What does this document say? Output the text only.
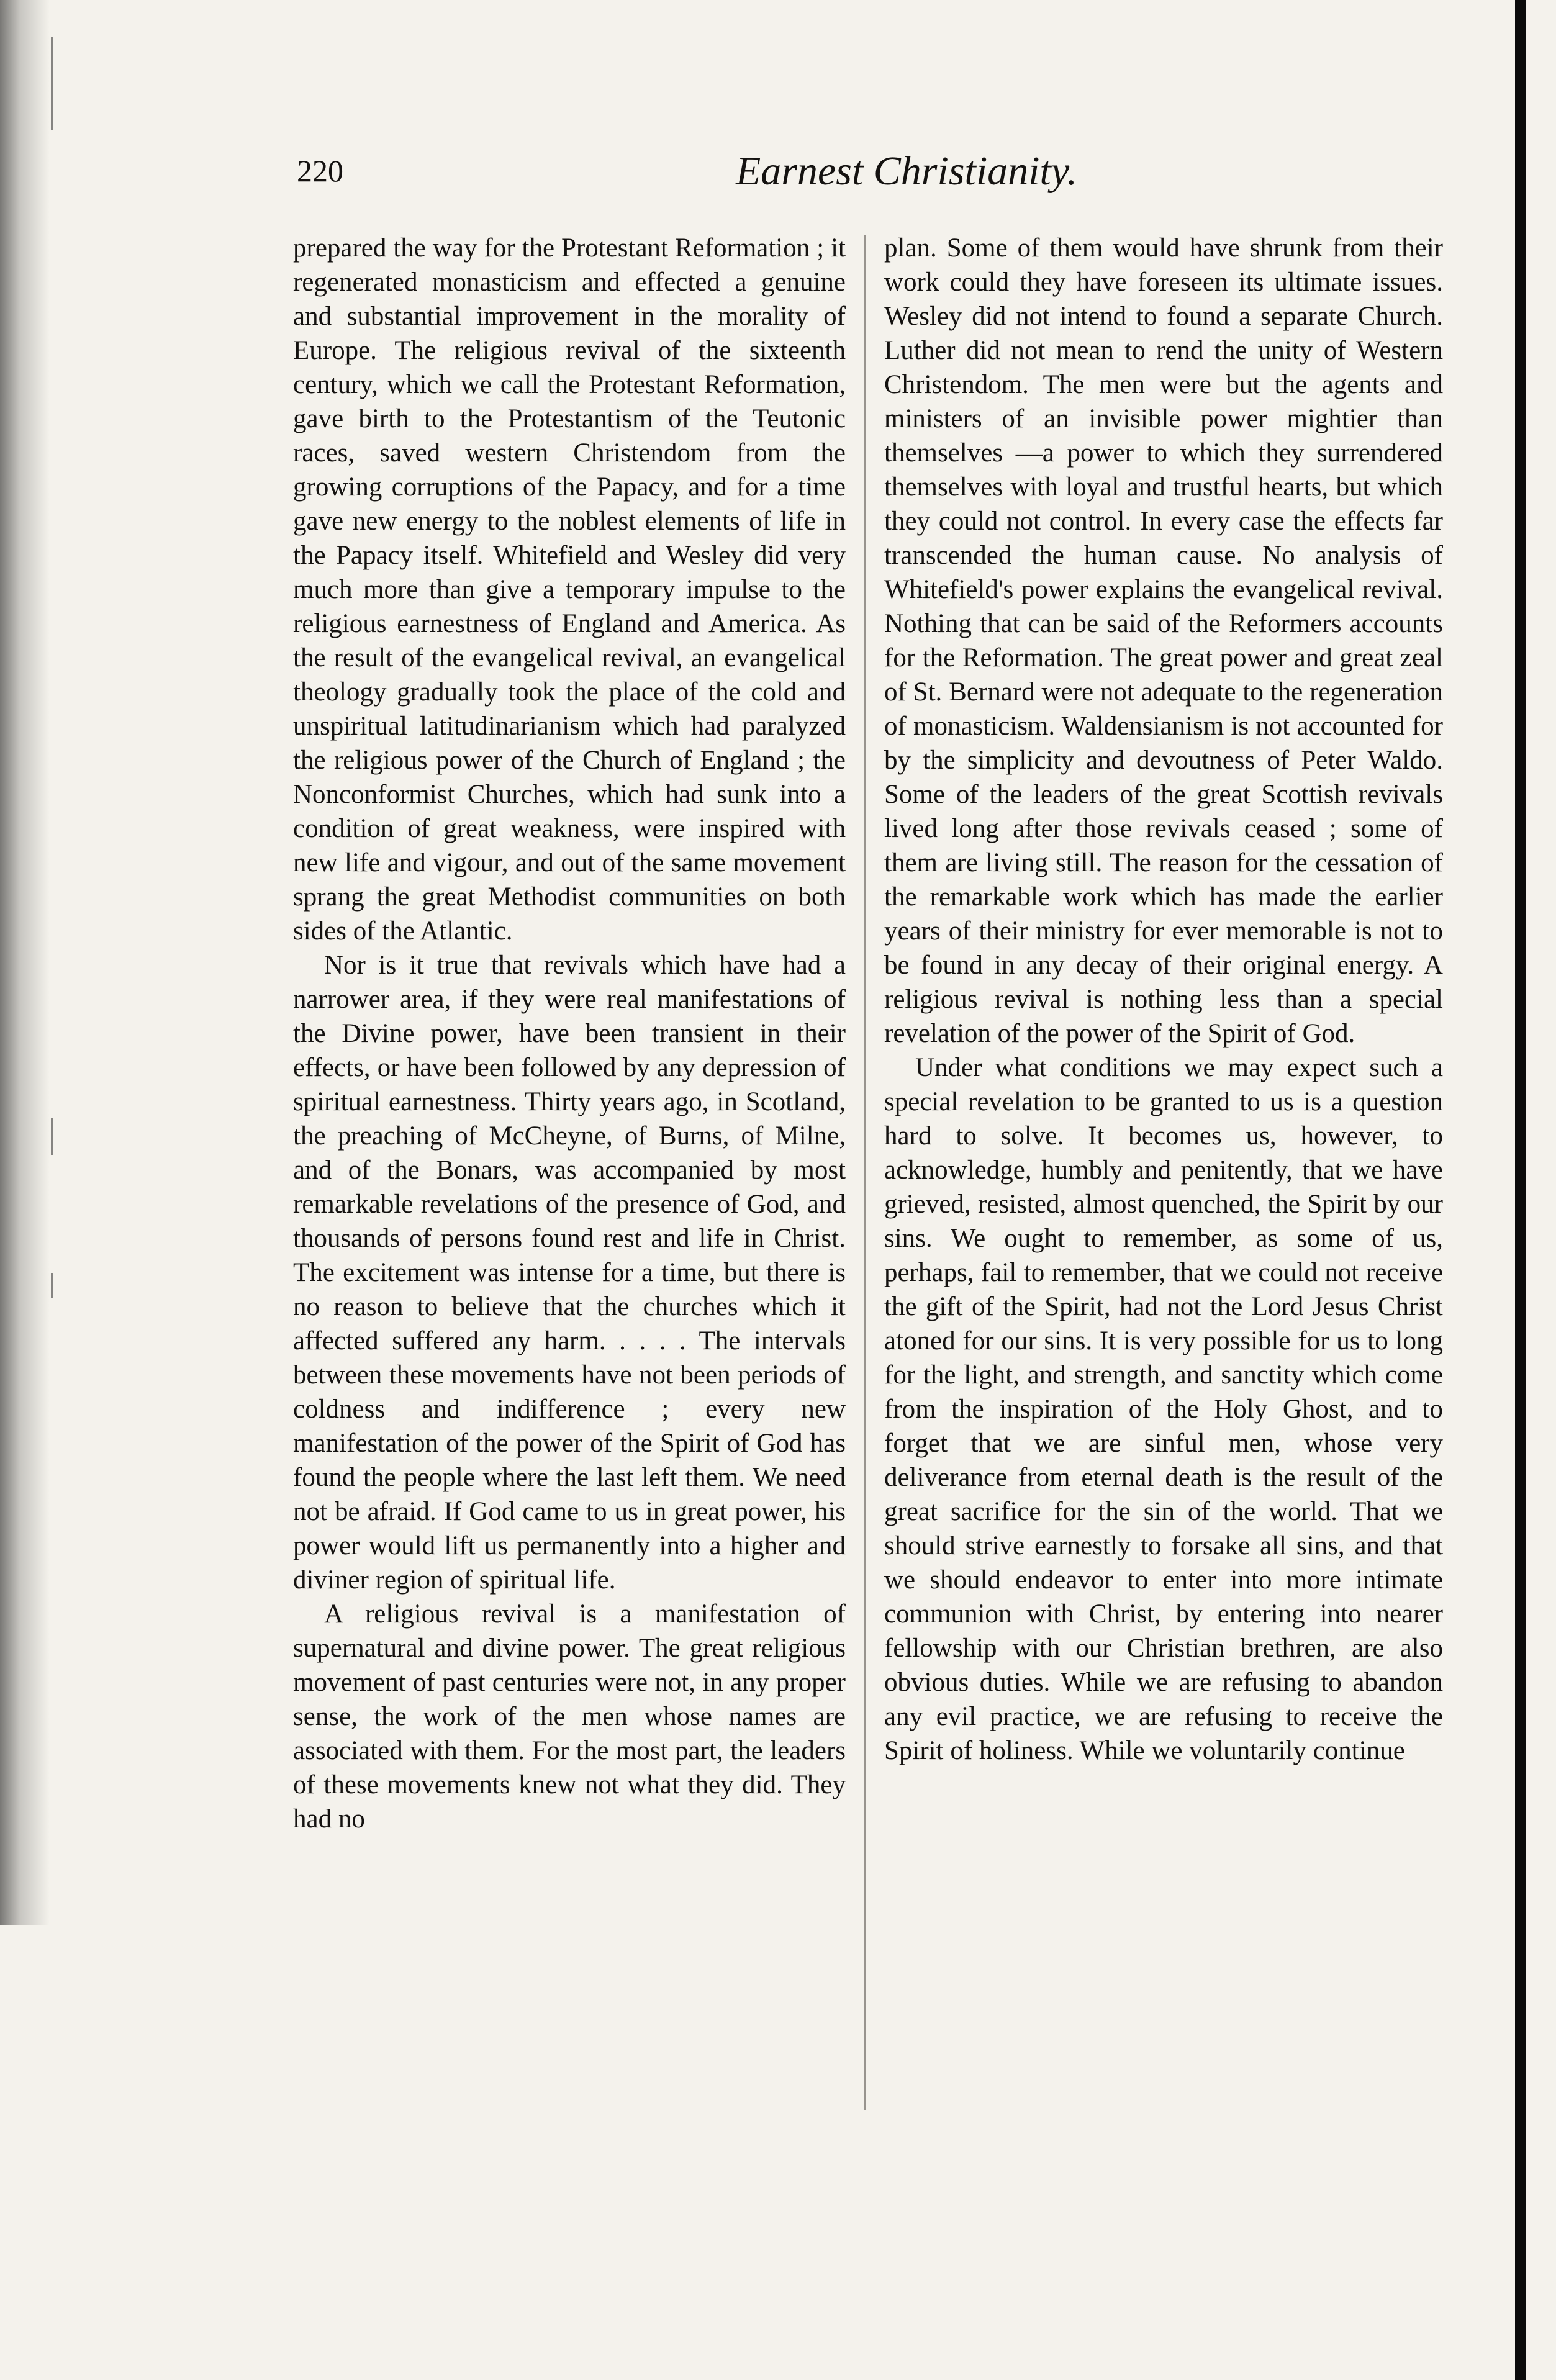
220	Earnest Christianity.

prepared the way for the Protestant Reformation ; it regenerated monasticism and effected a genuine and substantial improvement in the morality of Europe. The religious revival of the sixteenth century, which we call the Protestant Reformation, gave birth to the Protestantism of the Teutonic races, saved western Christendom from the growing corruptions of the Papacy, and for a time gave new energy to the noblest elements of life in the Papacy itself. Whitefield and Wesley did very much more than give a temporary impulse to the religious earnestness of England and America. As the result of the evangelical revival, an evangelical theology gradually took the place of the cold and unspiritual latitudinarianism which had paralyzed the religious power of the Church of England ; the Nonconformist Churches, which had sunk into a condition of great weakness, were inspired with new life and vigour, and out of the same movement sprang the great Methodist communities on both sides of the Atlantic.

Nor is it true that revivals which have had a narrower area, if they were real manifestations of the Divine power, have been transient in their effects, or have been followed by any depression of spiritual earnestness. Thirty years ago, in Scotland, the preaching of McCheyne, of Burns, of Milne, and of the Bonars, was accompanied by most remarkable revelations of the presence of God, and thousands of persons found rest and life in Christ. The excitement was intense for a time, but there is no reason to believe that the churches which it affected suffered any harm. . . . . The intervals between these movements have not been periods of coldness and indifference ; every new manifestation of the power of the Spirit of God has found the people where the last left them. We need not be afraid. If God came to us in great power, his power would lift us permanently into a higher and diviner region of spiritual life.

A religious revival is a manifestation of supernatural and divine power. The great religious movement of past centuries were not, in any proper sense, the work of the men whose names are associated with them. For the most part, the leaders of these movements knew not what they did. They had no

plan. Some of them would have shrunk from their work could they have foreseen its ultimate issues. Wesley did not intend to found a separate Church. Luther did not mean to rend the unity of Western Christendom. The men were but the agents and ministers of an invisible power mightier than themselves —a power to which they surrendered themselves with loyal and trustful hearts, but which they could not control. In every case the effects far transcended the human cause. No analysis of Whitefield's power explains the evangelical revival. Nothing that can be said of the Reformers accounts for the Reformation. The great power and great zeal of St. Bernard were not adequate to the regeneration of monasticism. Waldensianism is not accounted for by the simplicity and devoutness of Peter Waldo. Some of the leaders of the great Scottish revivals lived long after those revivals ceased ; some of them are living still. The reason for the cessation of the remarkable work which has made the earlier years of their ministry for ever memorable is not to be found in any decay of their original energy. A religious revival is nothing less than a special revelation of the power of the Spirit of God.

Under what conditions we may expect such a special revelation to be granted to us is a question hard to solve. It becomes us, however, to acknowledge, humbly and penitently, that we have grieved, resisted, almost quenched, the Spirit by our sins. We ought to remember, as some of us, perhaps, fail to remember, that we could not receive the gift of the Spirit, had not the Lord Jesus Christ atoned for our sins. It is very possible for us to long for the light, and strength, and sanctity which come from the inspiration of the Holy Ghost, and to forget that we are sinful men, whose very deliverance from eternal death is the result of the great sacrifice for the sin of the world. That we should strive earnestly to forsake all sins, and that we should endeavor to enter into more intimate communion with Christ, by entering into nearer fellowship with our Christian brethren, are also obvious duties. While we are refusing to abandon any evil practice, we are refusing to receive the Spirit of holiness. While we voluntarily continue
